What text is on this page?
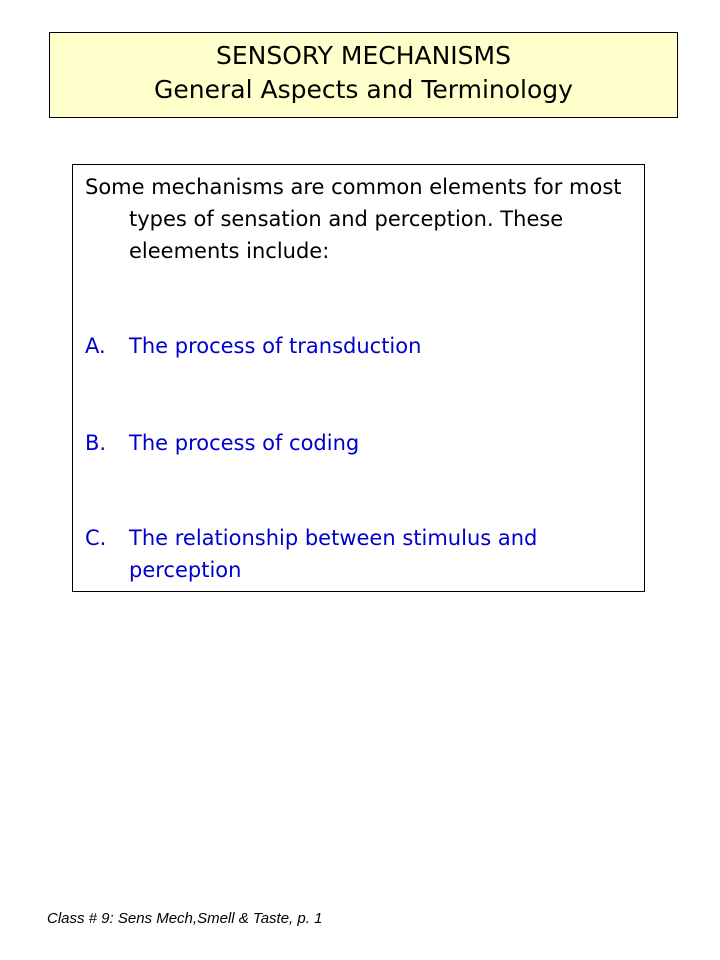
SENSORY MECHANISMS
General Aspects and Terminology

Some mechanisms are common elements for most types of sensation and perception. These eleements include:

A. The process of transduction
B. The process of coding
C. The relationship between stimulus and perception
Class # 9: Sens Mech,Smell & Taste, p. 1
